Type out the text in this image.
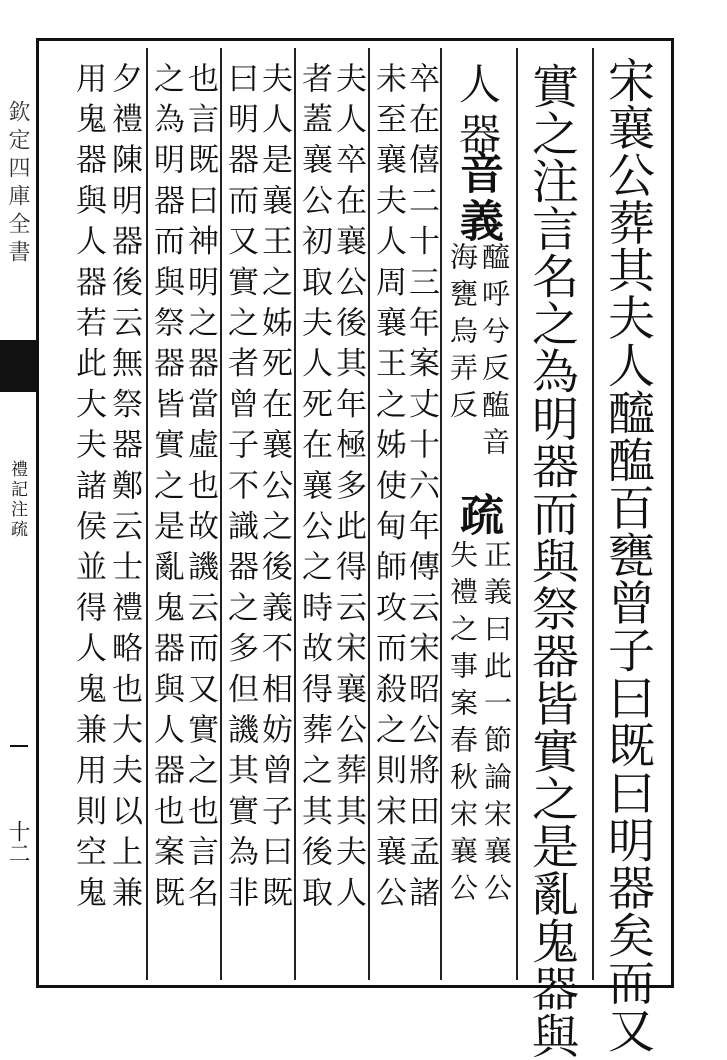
欽定四庫全書
禮記注疏
十二	宋襄公葬其夫人醯醢百甕曾子曰既曰明器矣而又
實之注言名之為明器而與祭器皆實之是亂鬼器與
人器
音義
醯呼兮反醢音
海甕烏弄反
疏
正義曰此一節論宋襄公
失禮之事案春秋宋襄公
卒在僖二十三年案丈十六年傳云宋昭公將田孟諸
未至襄夫人周襄王之姊使甸師攻而殺之則宋襄公
夫人卒在襄公後其年極多此得云宋襄公葬其夫人
者蓋襄公初取夫人死在襄公之時故得葬之其後取
夫人是襄王之姊死在襄公之後義不相妨曾子曰既
曰明器而又實之者曾子不識器之多但譏其實為非
也言既曰神明之器當虛也故譏云而又實之也言名
之為明器而與祭器皆實之是亂鬼器與人器也案既
夕禮陳明器後云無祭器鄭云士禮略也大夫以上兼
用鬼器與人器若此大夫諸侯並得人鬼兼用則空鬼
